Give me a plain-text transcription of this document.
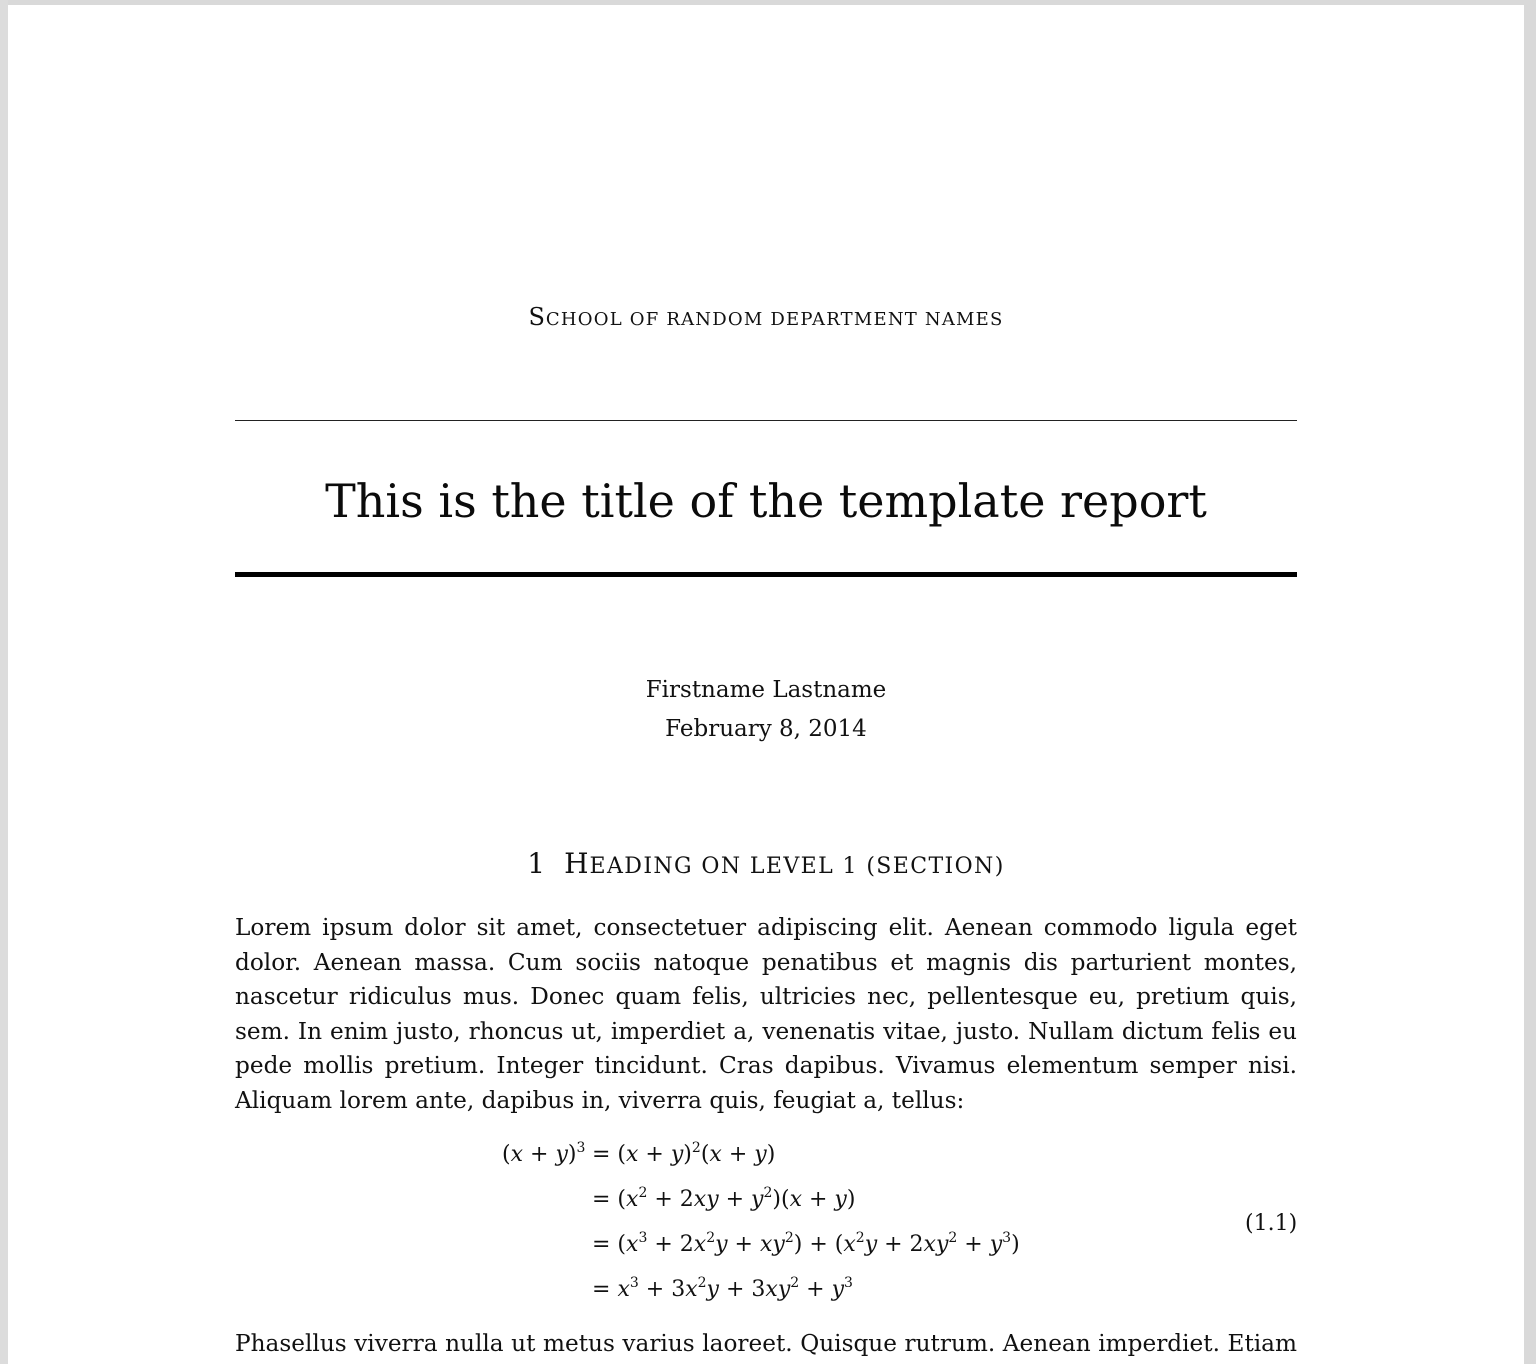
SCHOOL OF RANDOM DEPARTMENT NAMES
This is the title of the template report
Firstname Lastname
February 8, 2014
1 HEADING ON LEVEL 1 (SECTION)
Lorem ipsum dolor sit amet, consectetuer adipiscing elit. Aenean commodo ligula eget dolor. Aenean massa. Cum sociis natoque penatibus et magnis dis parturient montes, nascetur ridiculus mus. Donec quam felis, ultricies nec, pellentesque eu, pretium quis, sem. In enim justo, rhoncus ut, imperdiet a, venenatis vitae, justo. Nullam dictum felis eu pede mollis pretium. Integer tincidunt. Cras dapibus. Vivamus elementum semper nisi. Aliquam lorem ante, dapibus in, viverra quis, feugiat a, tellus:
$(x + y)^3 = (x + y)^2(x + y)$
= $(x^2 + 2xy + y^2)(x + y)$
= $(x^3 + 2x^2y + xy^2) + (x^2y + 2xy^2 + y^3)$
= $x^3 + 3x^2y + 3xy^2 + y^3$
(1.1)
Phasellus viverra nulla ut metus varius laoreet. Quisque rutrum. Aenean imperdiet. Etiam
